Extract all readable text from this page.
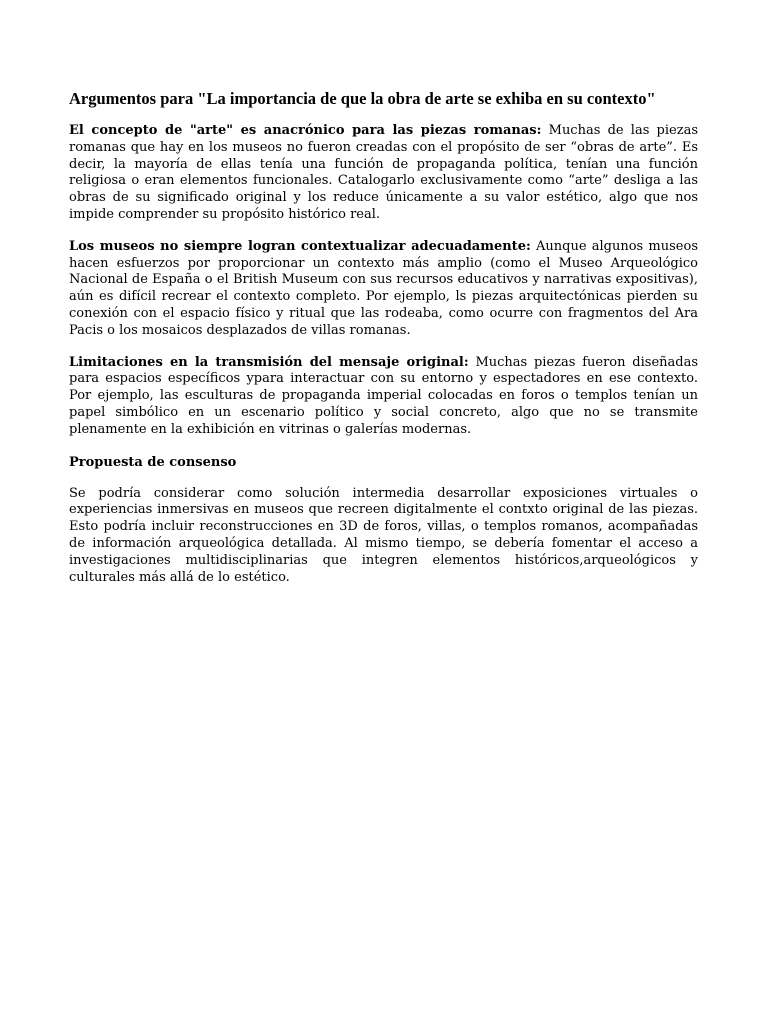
Argumentos para "La importancia de que la obra de arte se exhiba en su contexto"

El concepto de "arte" es anacrónico para las piezas romanas: Muchas de las piezas romanas que hay en los museos no fueron creadas con el propósito de ser “obras de arte”. Es decir, la mayoría de ellas tenía una función de propaganda política, tenían una función religiosa o eran elementos funcionales. Catalogarlo exclusivamente como “arte” desliga a las obras de su significado original y los reduce únicamente a su valor estético, algo que nos impide comprender su propósito histórico real.

Los museos no siempre logran contextualizar adecuadamente: Aunque algunos museos hacen esfuerzos por proporcionar un contexto más amplio (como el Museo Arqueológico Nacional de España o el British Museum con sus recursos educativos y narrativas expositivas), aún es difícil recrear el contexto completo. Por ejemplo, ls piezas arquitectónicas pierden su conexión con el espacio físico y ritual que las rodeaba, como ocurre con fragmentos del Ara Pacis o los mosaicos desplazados de villas romanas.

Limitaciones en la transmisión del mensaje original: Muchas piezas fueron diseñadas para espacios específicos ypara interactuar con su entorno y espectadores en ese contexto. Por ejemplo, las esculturas de propaganda imperial colocadas en foros o templos tenían un papel simbólico en un escenario político y social concreto, algo que no se transmite plenamente en la exhibición en vitrinas o galerías modernas.

Propuesta de consenso

Se podría considerar como solución intermedia desarrollar exposiciones virtuales o experiencias inmersivas en museos que recreen digitalmente el contxto original de las piezas. Esto podría incluir reconstrucciones en 3D de foros, villas, o templos romanos, acompañadas de información arqueológica detallada. Al mismo tiempo, se debería fomentar el acceso a investigaciones multidisciplinarias que integren elementos históricos,arqueológicos y culturales más allá de lo estético.
